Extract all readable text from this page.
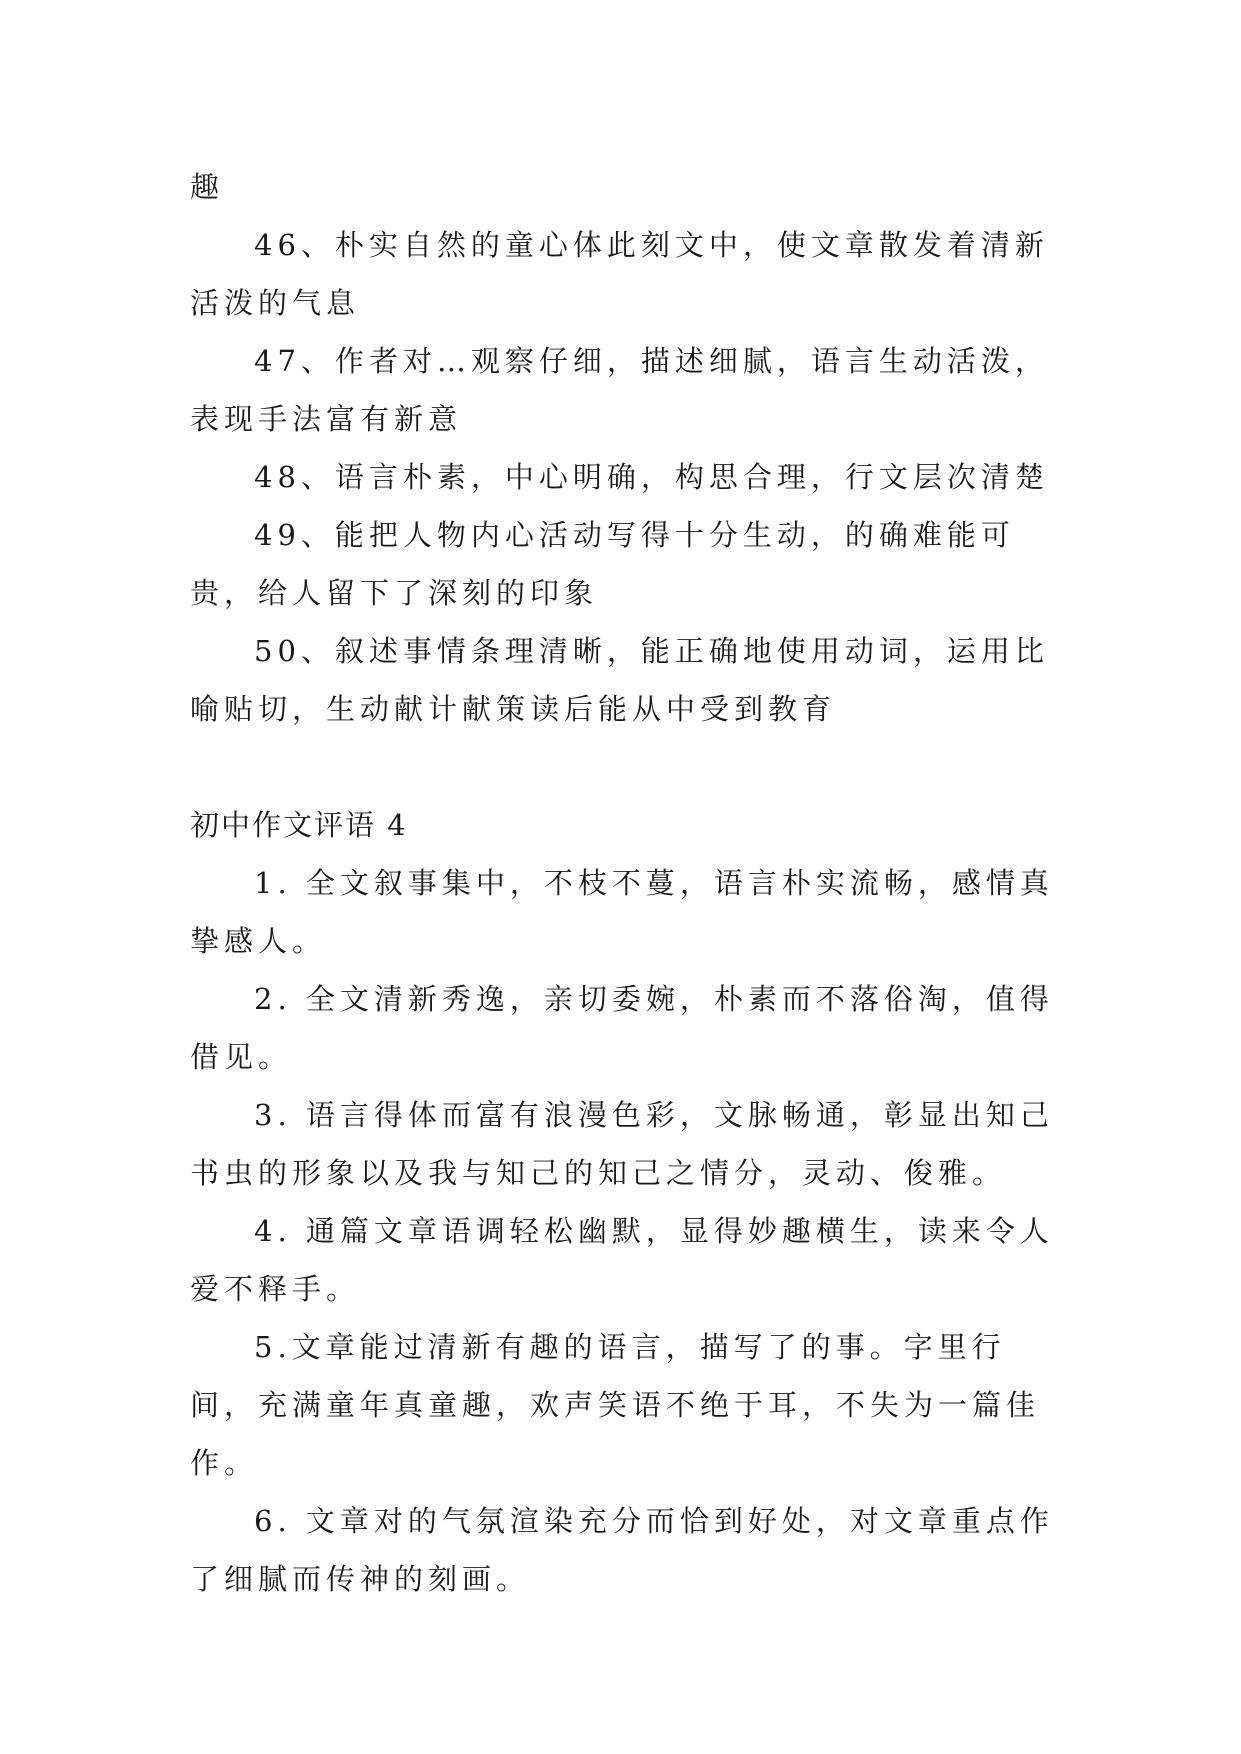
趣

46、朴实自然的童心体此刻文中，使文章散发着清新活泼的气息

47、作者对…观察仔细，描述细腻，语言生动活泼，表现手法富有新意

48、语言朴素，中心明确，构思合理，行文层次清楚

49、能把人物内心活动写得十分生动，的确难能可贵，给人留下了深刻的印象

50、叙述事情条理清晰，能正确地使用动词，运用比喻贴切，生动献计献策读后能从中受到教育

初中作文评语 4

1. 全文叙事集中，不枝不蔓，语言朴实流畅，感情真挚感人。

2. 全文清新秀逸，亲切委婉，朴素而不落俗淘，值得借见。

3. 语言得体而富有浪漫色彩，文脉畅通，彰显出知己书虫的形象以及我与知己的知己之情分，灵动、俊雅。

4. 通篇文章语调轻松幽默，显得妙趣横生，读来令人爱不释手。

5.文章能过清新有趣的语言，描写了的事。字里行间，充满童年真童趣，欢声笑语不绝于耳，不失为一篇佳作。

6. 文章对的气氛渲染充分而恰到好处，对文章重点作了细腻而传神的刻画。
